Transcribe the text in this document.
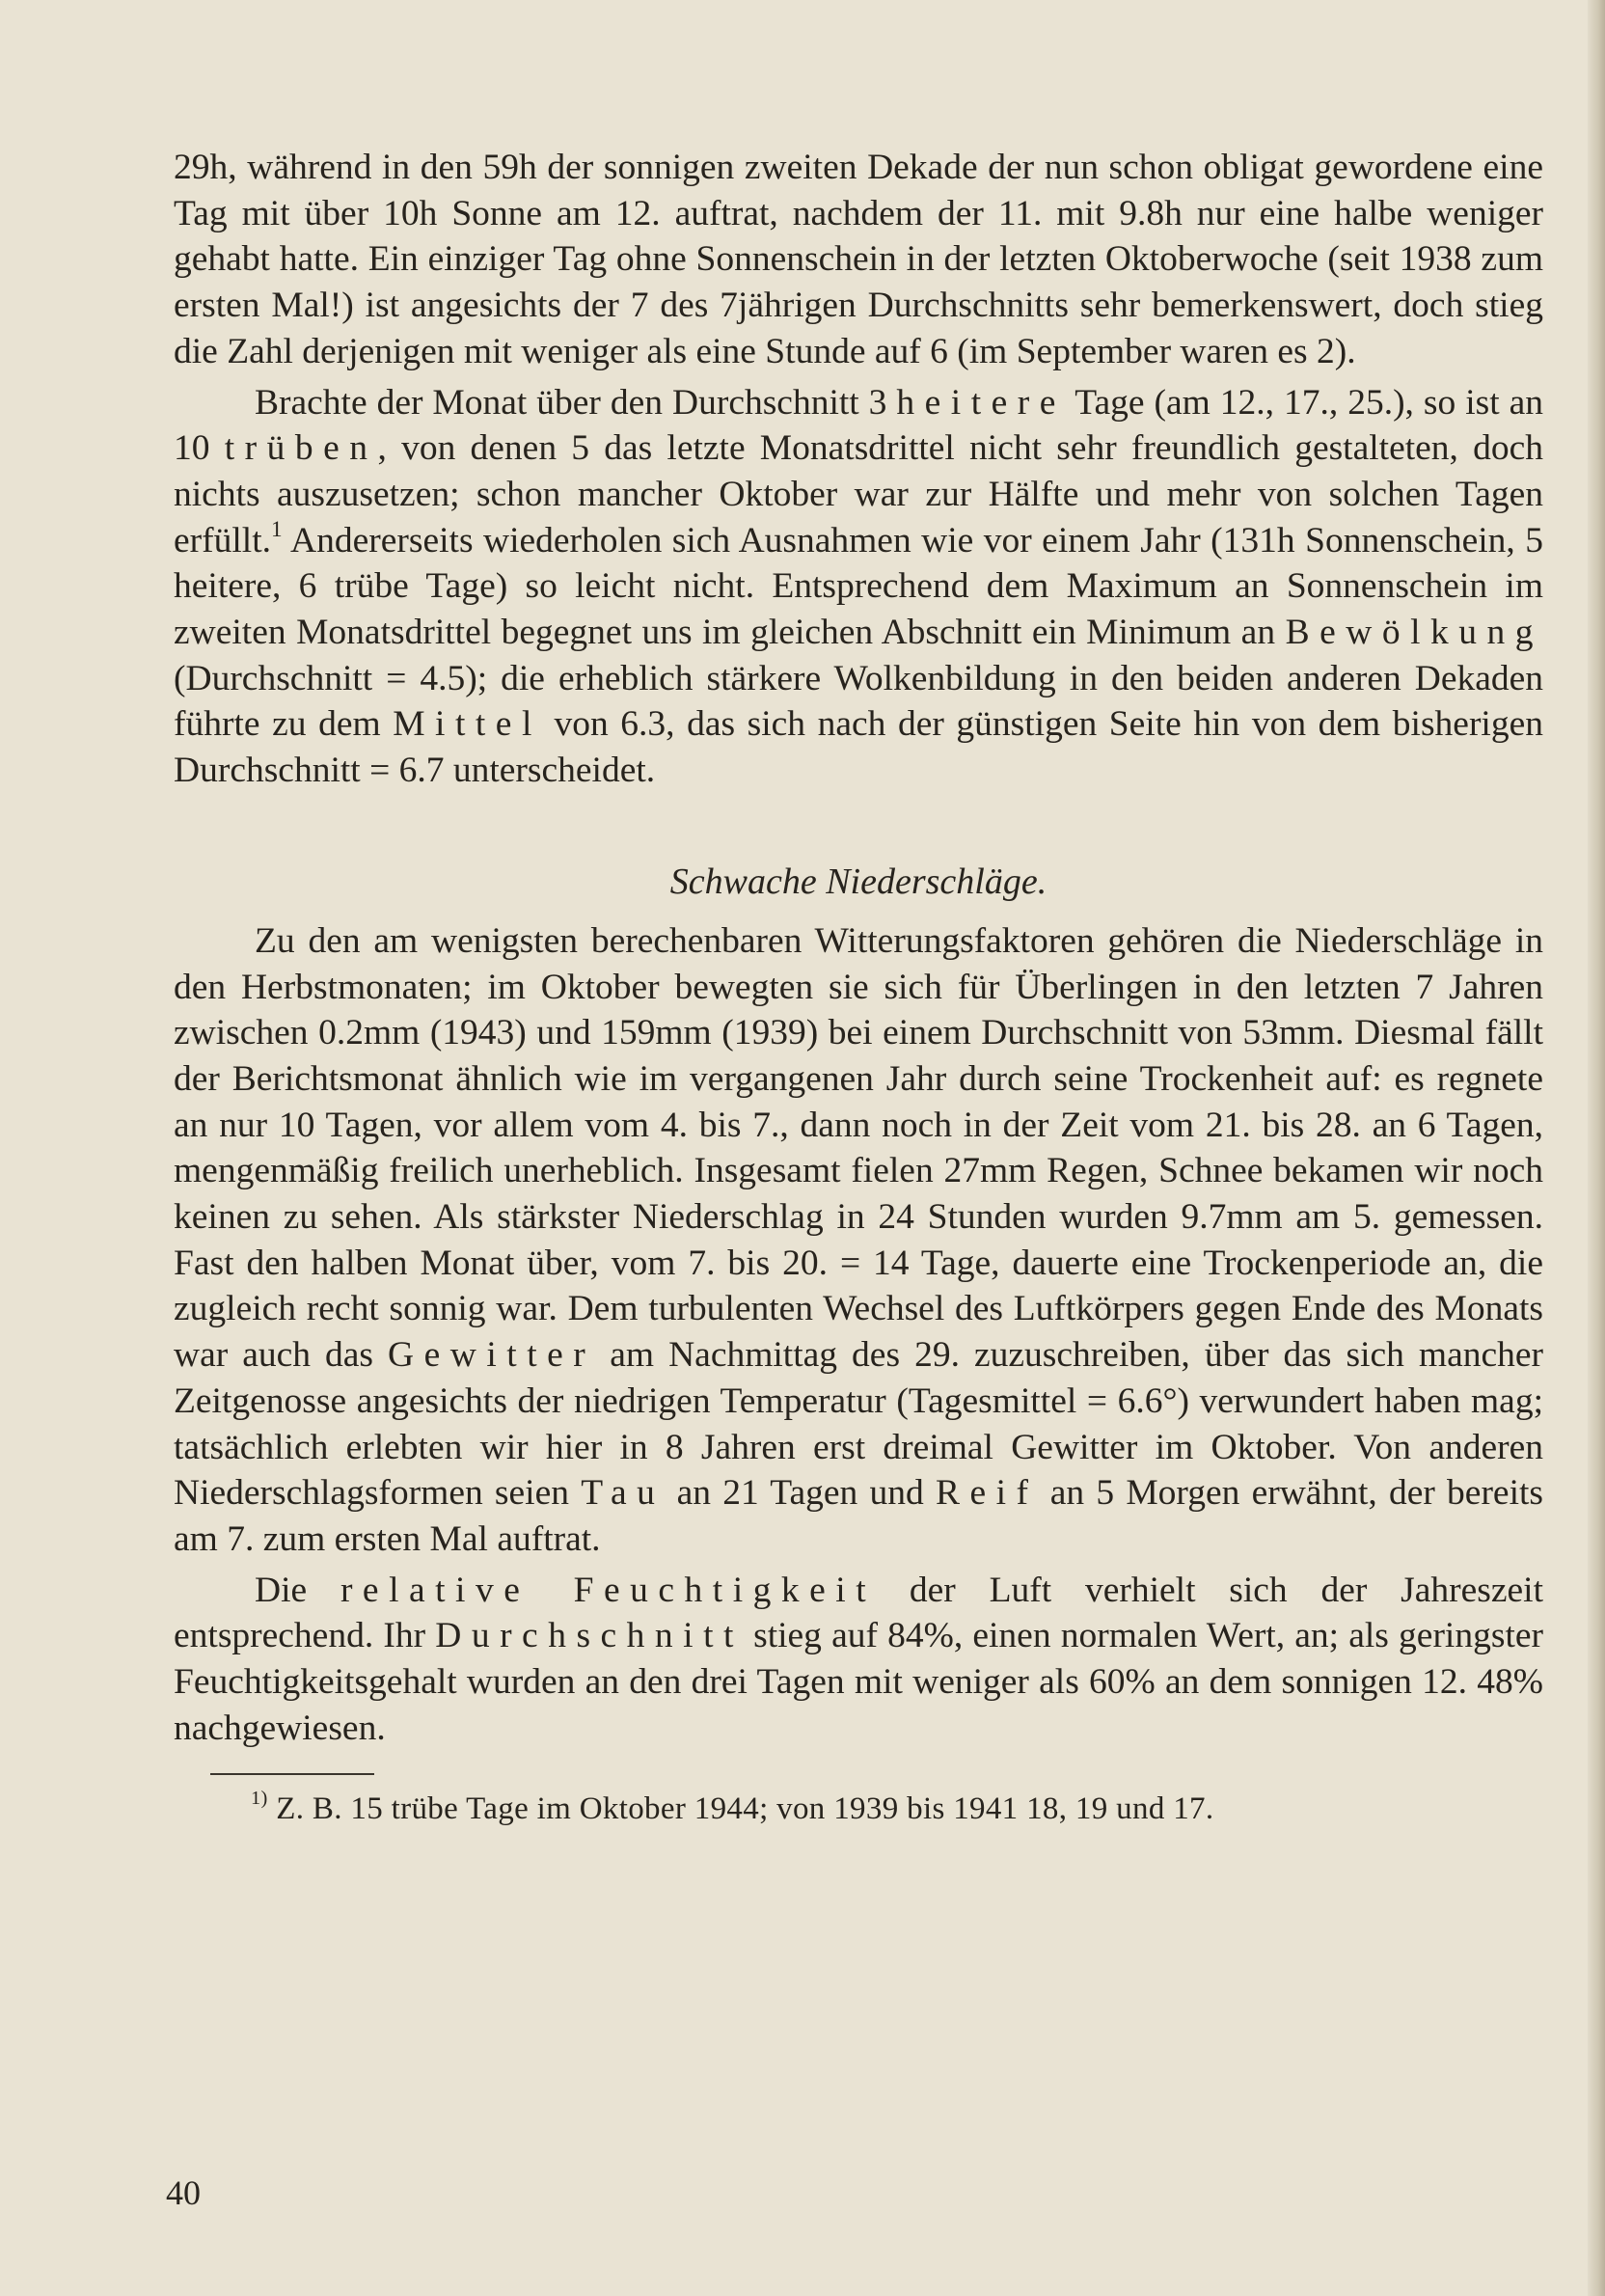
29h, während in den 59h der sonnigen zweiten Dekade der nun schon obligat gewordene eine Tag mit über 10h Sonne am 12. auftrat, nachdem der 11. mit 9.8h nur eine halbe weniger gehabt hatte. Ein einziger Tag ohne Sonnenschein in der letzten Oktoberwoche (seit 1938 zum ersten Mal!) ist angesichts der 7 des 7jährigen Durchschnitts sehr bemerkenswert, doch stieg die Zahl derjenigen mit weniger als eine Stunde auf 6 (im September waren es 2).

Brachte der Monat über den Durchschnitt 3 heitere Tage (am 12., 17., 25.), so ist an 10 trüben, von denen 5 das letzte Monatsdrittel nicht sehr freundlich gestalteten, doch nichts auszusetzen; schon mancher Oktober war zur Hälfte und mehr von solchen Tagen erfüllt.$^1$ Andererseits wiederholen sich Ausnahmen wie vor einem Jahr (131h Sonnenschein, 5 heitere, 6 trübe Tage) so leicht nicht. Entsprechend dem Maximum an Sonnenschein im zweiten Monatsdrittel begegnet uns im gleichen Abschnitt ein Minimum an Bewölkung (Durchschnitt = 4.5); die erheblich stärkere Wolkenbildung in den beiden anderen Dekaden führte zu dem Mittel von 6.3, das sich nach der günstigen Seite hin von dem bisherigen Durchschnitt = 6.7 unterscheidet.

Schwache Niederschläge.

Zu den am wenigsten berechenbaren Witterungsfaktoren gehören die Niederschläge in den Herbstmonaten; im Oktober bewegten sie sich für Überlingen in den letzten 7 Jahren zwischen 0.2mm (1943) und 159mm (1939) bei einem Durchschnitt von 53mm. Diesmal fällt der Berichtsmonat ähnlich wie im vergangenen Jahr durch seine Trockenheit auf: es regnete an nur 10 Tagen, vor allem vom 4. bis 7., dann noch in der Zeit vom 21. bis 28. an 6 Tagen, mengenmäßig freilich unerheblich. Insgesamt fielen 27mm Regen, Schnee bekamen wir noch keinen zu sehen. Als stärkster Niederschlag in 24 Stunden wurden 9.7mm am 5. gemessen. Fast den halben Monat über, vom 7. bis 20. = 14 Tage, dauerte eine Trockenperiode an, die zugleich recht sonnig war. Dem turbulenten Wechsel des Luftkörpers gegen Ende des Monats war auch das Gewitter am Nachmittag des 29. zuzuschreiben, über das sich mancher Zeitgenosse angesichts der niedrigen Temperatur (Tagesmittel = 6.6°) verwundert haben mag; tatsächlich erlebten wir hier in 8 Jahren erst dreimal Gewitter im Oktober. Von anderen Niederschlagsformen seien Tau an 21 Tagen und Reif an 5 Morgen erwähnt, der bereits am 7. zum ersten Mal auftrat.

Die relative Feuchtigkeit der Luft verhielt sich der Jahreszeit entsprechend. Ihr Durchschnitt stieg auf 84%, einen normalen Wert, an; als geringster Feuchtigkeitsgehalt wurden an den drei Tagen mit weniger als 60% an dem sonnigen 12. 48% nachgewiesen.

$^{1)}$ Z. B. 15 trübe Tage im Oktober 1944; von 1939 bis 1941 18, 19 und 17.

40
